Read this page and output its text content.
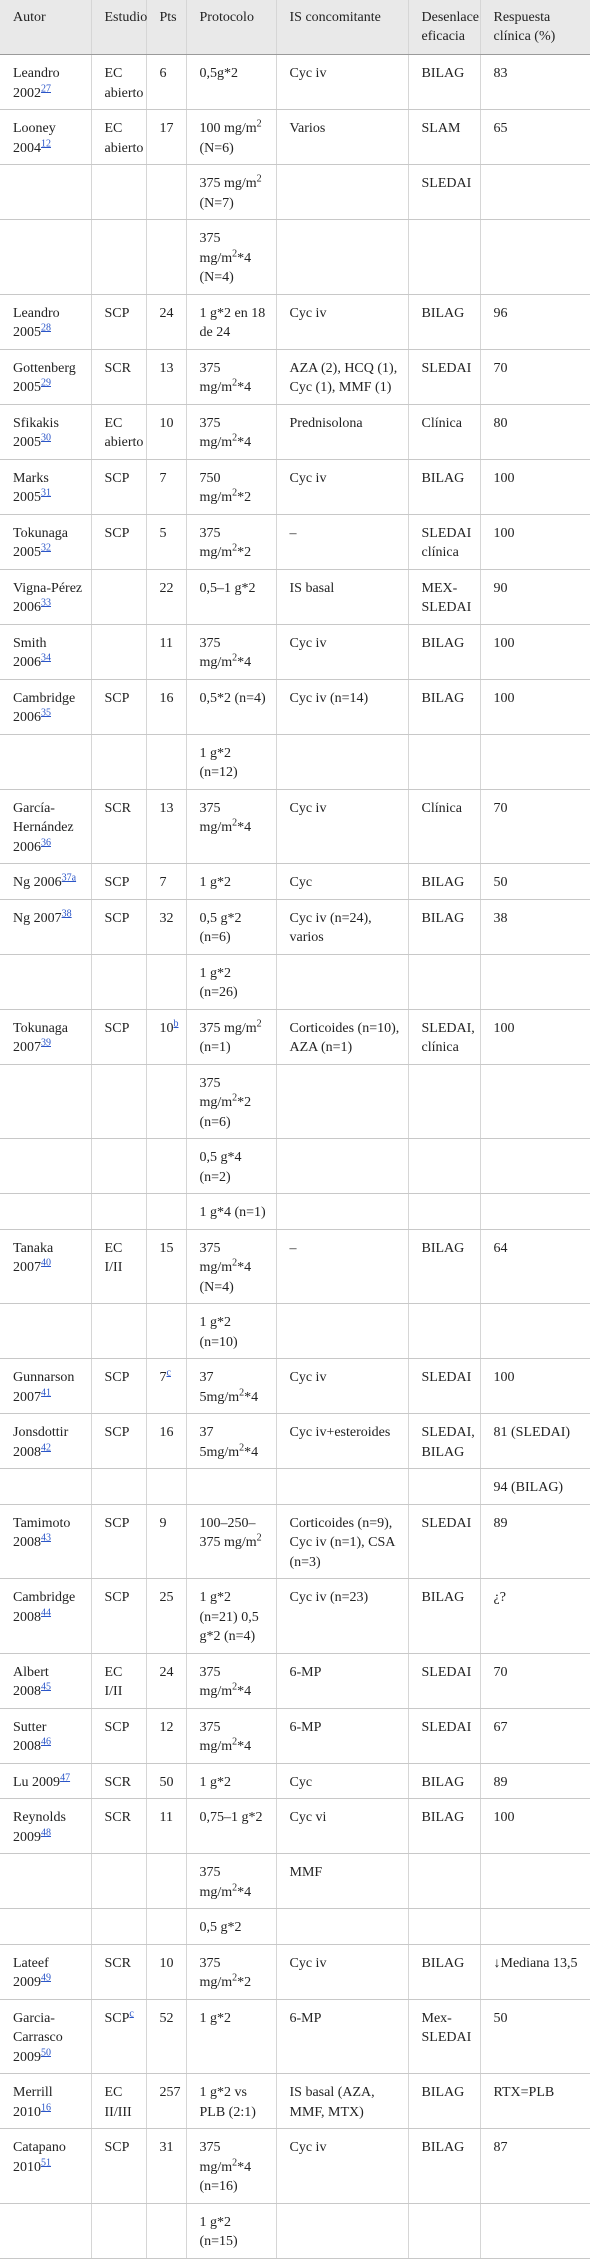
Autor	Estudio	Pts	Protocolo	IS concomitante	Desenlace eficacia	Respuesta clínica (%)
Leandro 2002$^{27}$	EC abierto	6	0,5g*2	Cyc iv	BILAG	83
Looney 2004$^{12}$	EC abierto	17	100 $mg/m^2$ (N=6)	Varios	SLAM	65
			375 $mg/m^2$ (N=7)		SLEDAI	
			375 $mg/m^2*4$ (N=4)			
Leandro 2005$^{28}$	SCP	24	1 g*2 en 18 de 24	Cyc iv	BILAG	96
Gottenberg 2005$^{29}$	SCR	13	375 $mg/m^2*4$	AZA (2), HCQ (1), Cyc (1), MMF (1)	SLEDAI	70
Sfikakis 2005$^{30}$	EC abierto	10	375 $mg/m^2*4$	Prednisolona	Clínica	80
Marks 2005$^{31}$	SCP	7	750 $mg/m^2*2$	Cyc iv	BILAG	100
Tokunaga 2005$^{32}$	SCP	5	375 $mg/m^2*2$	–	SLEDAI clínica	100
Vigna-Pérez 2006$^{33}$		22	0,5–1 g*2	IS basal	MEX-SLEDAI	90
Smith 2006$^{34}$		11	375 $mg/m^2*4$	Cyc iv	BILAG	100
Cambridge 2006$^{35}$	SCP	16	0,5*2 (n=4)	Cyc iv (n=14)	BILAG	100
			1 g*2 (n=12)			
García-Hernández 2006$^{36}$	SCR	13	375 $mg/m^2*4$	Cyc iv	Clínica	70
Ng 2006$^{37a}$	SCP	7	1 g*2	Cyc	BILAG	50
Ng 2007$^{38}$	SCP	32	0,5 g*2 (n=6)	Cyc iv (n=24), varios	BILAG	38
			1 g*2 (n=26)			
Tokunaga 2007$^{39}$	SCP	10$^b$	375 $mg/m^2$ (n=1)	Corticoides (n=10), AZA (n=1)	SLEDAI, clínica	100
			375 $mg/m^2*2$ (n=6)			
			0,5 g*4 (n=2)			
			1 g*4 (n=1)			
Tanaka 2007$^{40}$	EC I/II	15	375 $mg/m^2*4$ (N=4)	–	BILAG	64
			1 g*2 (n=10)			
Gunnarson 2007$^{41}$	SCP	7$^c$	37 $5mg/m^2*4$	Cyc iv	SLEDAI	100
Jonsdottir 2008$^{42}$	SCP	16	37 $5mg/m^2*4$	Cyc iv+esteroides	SLEDAI, BILAG	81 (SLEDAI)
						94 (BILAG)
Tamimoto 2008$^{43}$	SCP	9	100–250–375 $mg/m^2$	Corticoides (n=9), Cyc iv (n=1), CSA (n=3)	SLEDAI	89
Cambridge 2008$^{44}$	SCP	25	1 g*2 (n=21) 0,5 g*2 (n=4)	Cyc iv (n=23)	BILAG	¿?
Albert 2008$^{45}$	EC I/II	24	375 $mg/m^2*4$	6-MP	SLEDAI	70
Sutter 2008$^{46}$	SCP	12	375 $mg/m^2*4$	6-MP	SLEDAI	67
Lu 2009$^{47}$	SCR	50	1 g*2	Cyc	BILAG	89
Reynolds 2009$^{48}$	SCR	11	0,75–1 g*2	Cyc vi	BILAG	100
			375 $mg/m^2*4$	MMF		
			0,5 g*2			
Lateef 2009$^{49}$	SCR	10	375 $mg/m^2*2$	Cyc iv	BILAG	↓Mediana 13,5
Garcia-Carrasco 2009$^{50}$	SCP$^c$	52	1 g*2	6-MP	Mex-SLEDAI	50
Merrill 2010$^{16}$	EC II/III	257	1 g*2 vs PLB (2:1)	IS basal (AZA, MMF, MTX)	BILAG	RTX=PLB
Catapano 2010$^{51}$	SCP	31	375 $mg/m^2*4$ (n=16)	Cyc iv	BILAG	87
			1 g*2 (n=15)			
